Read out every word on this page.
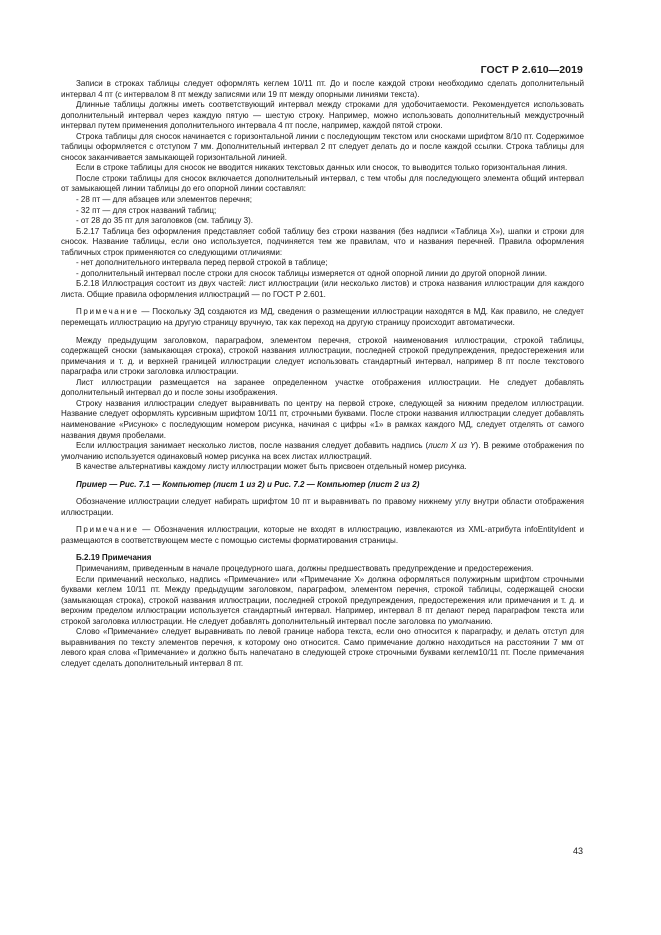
ГОСТ Р 2.610—2019

Записи в строках таблицы следует оформлять кеглем 10/11 пт. До и после каждой строки необходимо сделать дополнительный интервал 4 пт (с интервалом 8 пт между записями или 19 пт между опорными линиями текста).

Длинные таблицы должны иметь соответствующий интервал между строками для удобочитаемости. Рекомендуется использовать дополнительный интервал через каждую пятую — шестую строку. Например, можно использовать дополнительный междустрочный интервал путем применения дополнительного интервала 4 пт после, например, каждой пятой строки.

Строка таблицы для сносок начинается с горизонтальной линии с последующим текстом или сносками шрифтом 8/10 пт. Содержимое таблицы оформляется с отступом 7 мм. Дополнительный интервал 2 пт следует делать до и после каждой ссылки. Строка таблицы для сносок заканчивается замыкающей горизонтальной линией.

Если в строке таблицы для сносок не вводится никаких текстовых данных или сносок, то выводится только горизонтальная линия.

После строки таблицы для сносок включается дополнительный интервал, с тем чтобы для последующего элемента общий интервал от замыкающей линии таблицы до его опорной линии составлял:

- 28 пт — для абзацев или элементов перечня;

- 32 пт — для строк названий таблиц;

- от 28 до 35 пт для заголовков (см. таблицу 3).

Б.2.17 Таблица без оформления представляет собой таблицу без строки названия (без надписи «Таблица X»), шапки и строки для сносок. Название таблицы, если оно используется, подчиняется тем же правилам, что и названия перечней. Правила оформления табличных строк применяются со следующими отличиями:

- нет дополнительного интервала перед первой строкой в таблице;

- дополнительный интервал после строки для сносок таблицы измеряется от одной опорной линии до другой опорной линии.

Б.2.18 Иллюстрация состоит из двух частей: лист иллюстрации (или несколько листов) и строка названия иллюстрации для каждого листа. Общие правила оформления иллюстраций — по ГОСТ Р 2.601.

Примечание — Поскольку ЭД создаются из МД, сведения о размещении иллюстрации находятся в МД. Как правило, не следует перемещать иллюстрацию на другую страницу вручную, так как переход на другую страницу происходит автоматически.

Между предыдущим заголовком, параграфом, элементом перечня, строкой наименования иллюстрации, строкой таблицы, содержащей сноски (замыкающая строка), строкой названия иллюстрации, последней строкой предупреждения, предостережения или примечания и т. д. и верхней границей иллюстрации следует использовать стандартный интервал, например 8 пт после текстового параграфа или строки заголовка иллюстрации.

Лист иллюстрации размещается на заранее определенном участке отображения иллюстрации. Не следует добавлять дополнительный интервал до и после зоны изображения.

Строку названия иллюстрации следует выравнивать по центру на первой строке, следующей за нижним пределом иллюстрации. Название следует оформлять курсивным шрифтом 10/11 пт, строчными буквами. После строки названия иллюстрации следует добавлять наименование «Рисунок» с последующим номером рисунка, начиная с цифры «1» в рамках каждого МД, следует отделять от самого названия двумя пробелами.

Если иллюстрация занимает несколько листов, после названия следует добавить надпись (лист X из Y). В режиме отображения по умолчанию используется одинаковый номер рисунка на всех листах иллюстраций.

В качестве альтернативы каждому листу иллюстрации может быть присвоен отдельный номер рисунка.

Пример — Рис. 7.1 — Компьютер (лист 1 из 2) и Рис. 7.2 — Компьютер (лист 2 из 2)

Обозначение иллюстрации следует набирать шрифтом 10 пт и выравнивать по правому нижнему углу внутри области отображения иллюстрации.

Примечание — Обозначения иллюстрации, которые не входят в иллюстрацию, извлекаются из XML-атрибута infoEntityIdent и размещаются в соответствующем месте с помощью системы форматирования страницы.

Б.2.19 Примечания

Примечаниям, приведенным в начале процедурного шага, должны предшествовать предупреждение и предостережения.

Если примечаний несколько, надпись «Примечание» или «Примечание X» должна оформляться полужирным шрифтом строчными буквами кеглем 10/11 пт. Между предыдущим заголовком, параграфом, элементом перечня, строкой таблицы, содержащей сноски (замыкающая строка), строкой названия иллюстрации, последней строкой предупреждения, предостережения или примечания и т. д. и верхним пределом иллюстрации используется стандартный интервал. Например, интервал 8 пт делают перед параграфом текста или строкой заголовка иллюстрации. Не следует добавлять дополнительный интервал после заголовка по умолчанию.

Слово «Примечание» следует выравнивать по левой границе набора текста, если оно относится к параграфу, и делать отступ для выравнивания по тексту элементов перечня, к которому оно относится. Само примечание должно находиться на расстоянии 7 мм от левого края слова «Примечание» и должно быть напечатано в следующей строке строчными буквами кеглем10/11 пт. После примечания следует сделать дополнительный интервал 8 пт.

43
